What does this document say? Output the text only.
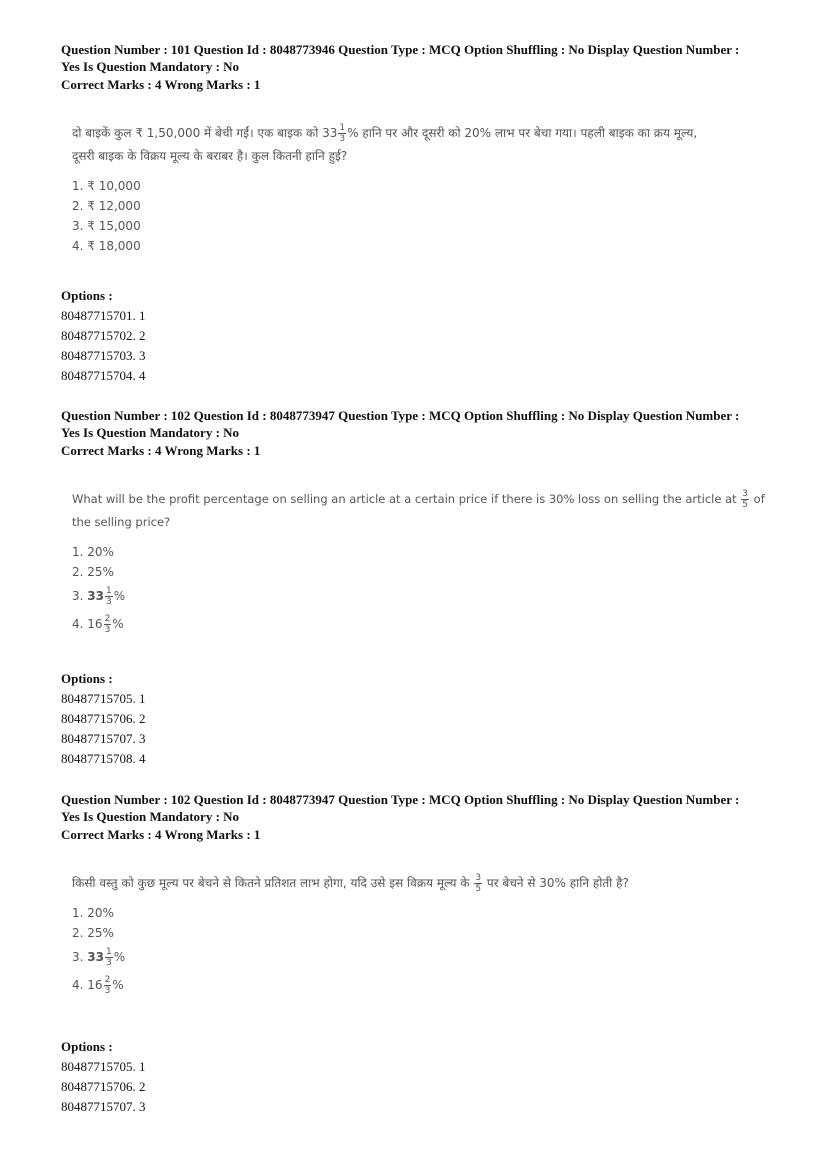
Question Number : 101 Question Id : 8048773946 Question Type : MCQ Option Shuffling : No Display Question Number :

Yes Is Question Mandatory : No

Correct Marks : 4 Wrong Marks : 1

दो बाइकें कुल ₹ 1,50,000 में बेची गईं। एक बाइक को $33 \frac{1}{3}$ % हानि पर और दूसरी को 20% लाभ पर बेचा गया। पहली बाइक का क्रय मूल्य,
दूसरी बाइक के विक्रय मूल्य के बराबर है। कुल कितनी हानि हुई?

1. ₹ 10,000

2. ₹ 12,000

3. ₹ 15,000

4. ₹ 18,000

Options :

80487715701. 1

80487715702. 2

80487715703. 3

80487715704. 4

Question Number : 102 Question Id : 8048773947 Question Type : MCQ Option Shuffling : No Display Question Number :

Yes Is Question Mandatory : No

Correct Marks : 4 Wrong Marks : 1

What will be the profit percentage on selling an article at a certain price if there is 30% loss on selling the article at $\frac{3}{5}$ of
the selling price?

1. 20%

2. 25%

3. $33 \frac{1}{3}$ %

4. $16 \frac{2}{3}$ %

Options :

80487715705. 1

80487715706. 2

80487715707. 3

80487715708. 4

Question Number : 102 Question Id : 8048773947 Question Type : MCQ Option Shuffling : No Display Question Number :

Yes Is Question Mandatory : No

Correct Marks : 4 Wrong Marks : 1

किसी वस्तु को कुछ मूल्य पर बेचने से कितने प्रतिशत लाभ होगा, यदि उसे इस विक्रय मूल्य के $\frac{3}{5}$ पर बेचने से 30% हानि होती है?

1. 20%

2. 25%

3. $33 \frac{1}{3}$ %

4. $16 \frac{2}{3}$ %

Options :

80487715705. 1

80487715706. 2

80487715707. 3
